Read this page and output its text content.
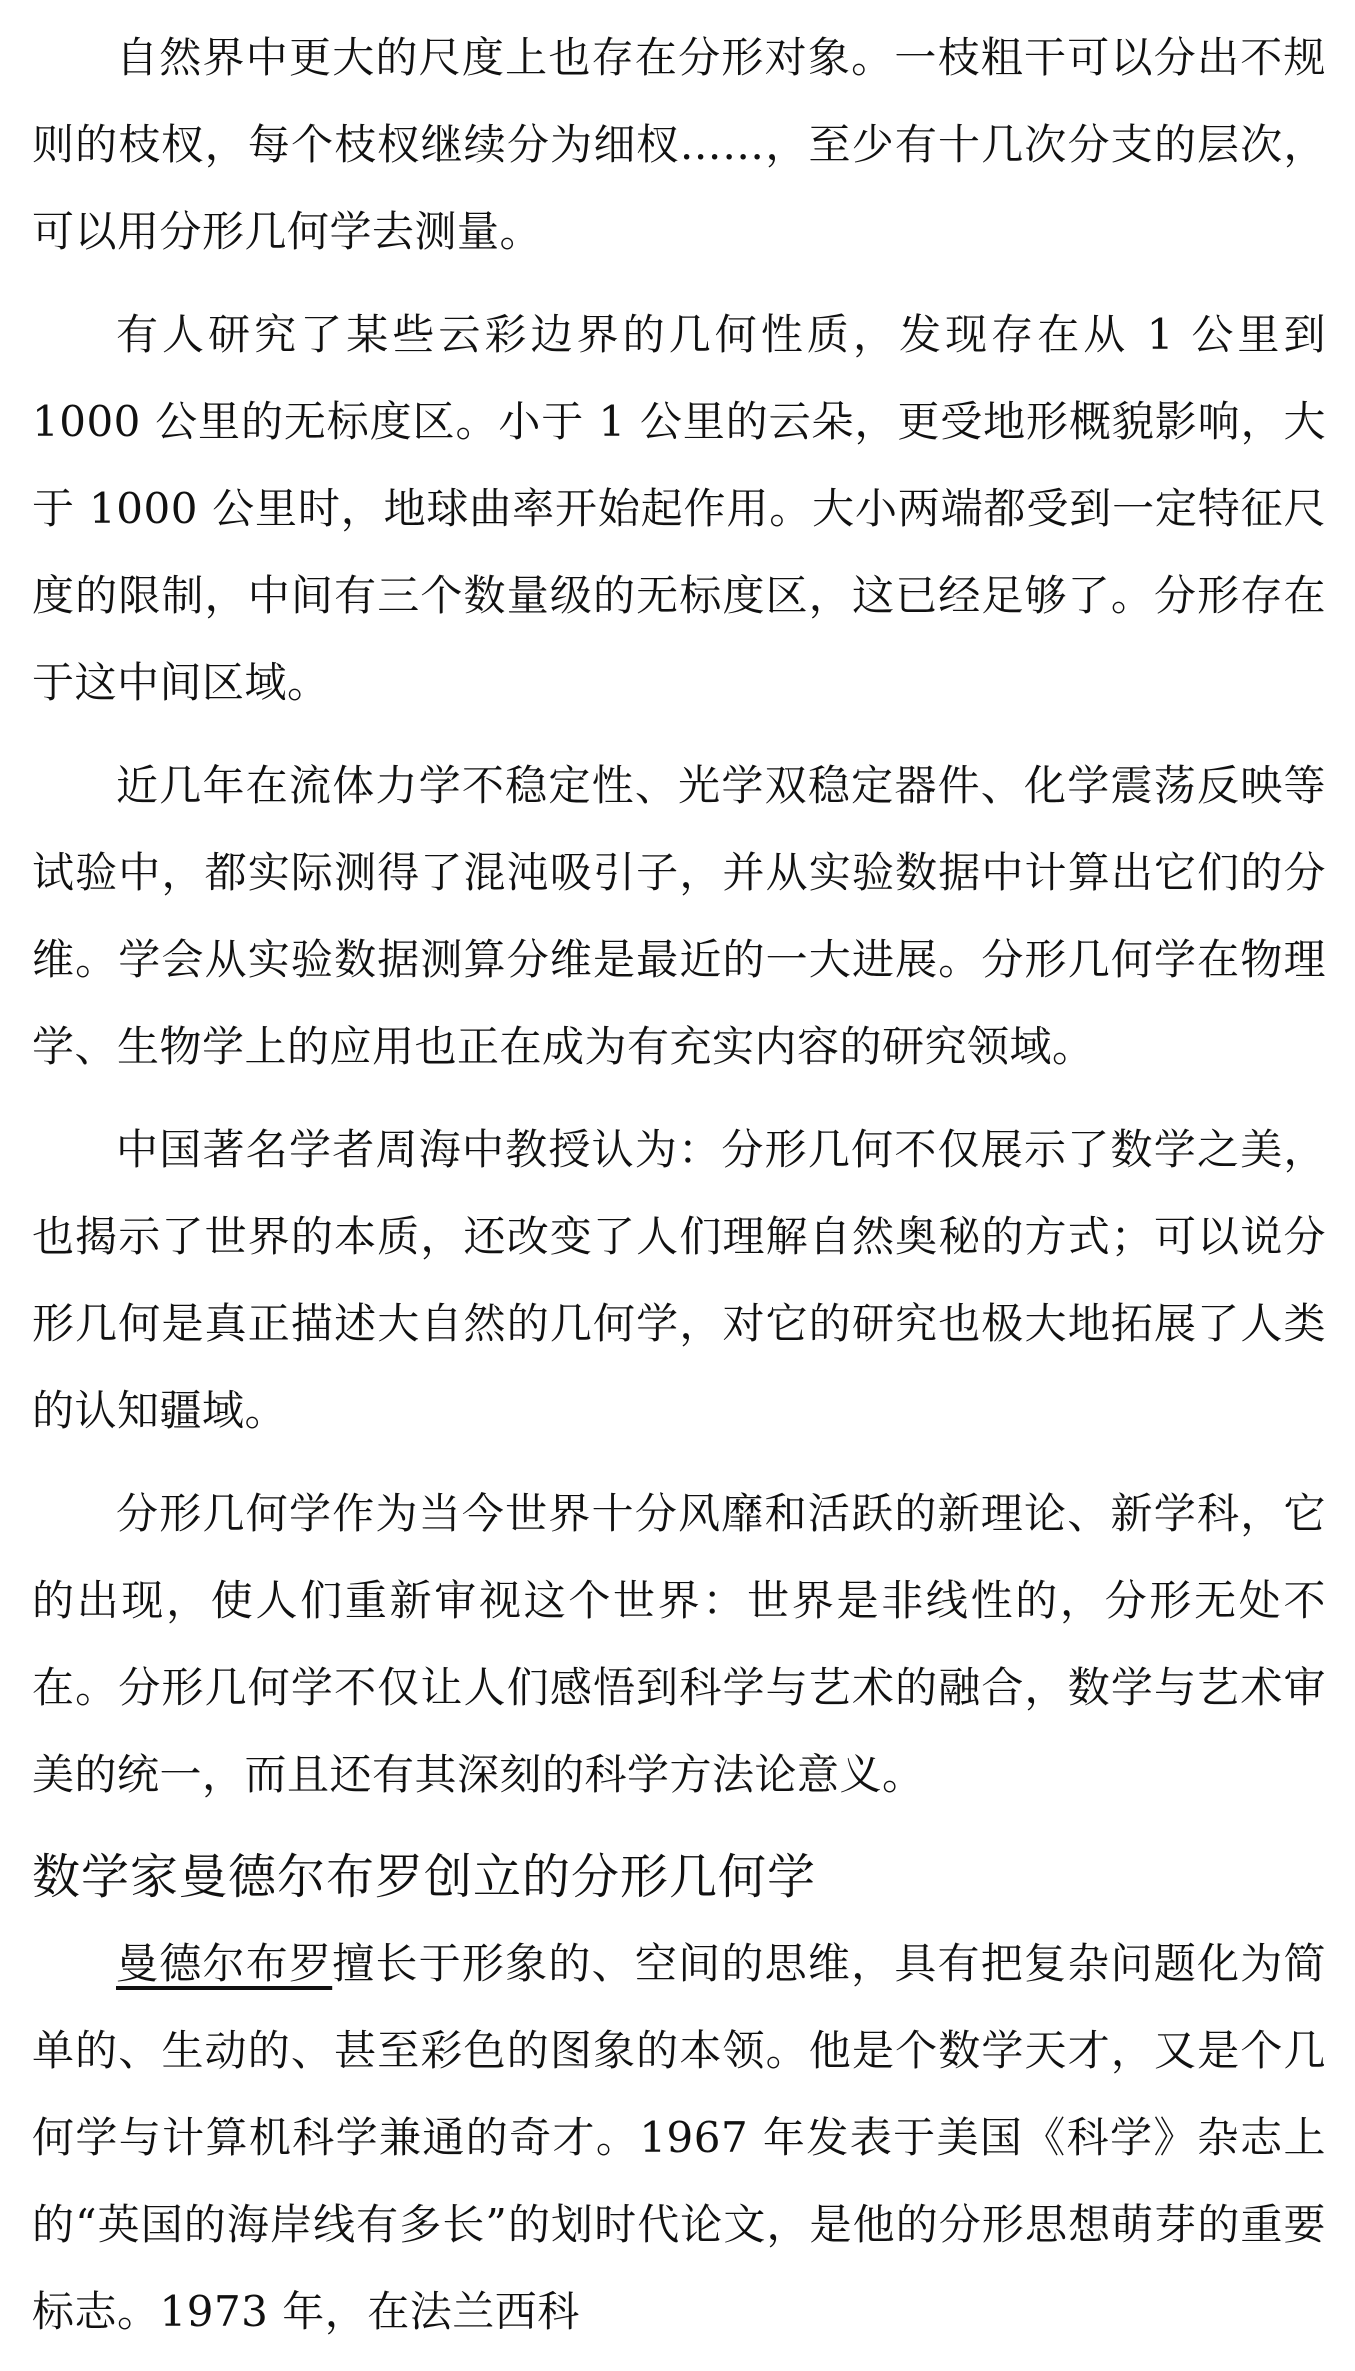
自然界中更大的尺度上也存在分形对象。一枝粗干可以分出不规则的枝杈，每个枝杈继续分为细杈……，至少有十几次分支的层次，可以用分形几何学去测量。

有人研究了某些云彩边界的几何性质，发现存在从 1 公里到 1000 公里的无标度区。小于 1 公里的云朵，更受地形概貌影响，大于 1000 公里时，地球曲率开始起作用。大小两端都受到一定特征尺度的限制，中间有三个数量级的无标度区，这已经足够了。分形存在于这中间区域。

近几年在流体力学不稳定性、光学双稳定器件、化学震荡反映等试验中，都实际测得了混沌吸引子，并从实验数据中计算出它们的分维。学会从实验数据测算分维是最近的一大进展。分形几何学在物理学、生物学上的应用也正在成为有充实内容的研究领域。

中国著名学者周海中教授认为：分形几何不仅展示了数学之美，也揭示了世界的本质，还改变了人们理解自然奥秘的方式；可以说分形几何是真正描述大自然的几何学，对它的研究也极大地拓展了人类的认知疆域。

分形几何学作为当今世界十分风靡和活跃的新理论、新学科，它的出现，使人们重新审视这个世界：世界是非线性的，分形无处不在。分形几何学不仅让人们感悟到科学与艺术的融合，数学与艺术审美的统一，而且还有其深刻的科学方法论意义。

数学家曼德尔布罗创立的分形几何学

曼德尔布罗擅长于形象的、空间的思维，具有把复杂问题化为简单的、生动的、甚至彩色的图象的本领。他是个数学天才，又是个几何学与计算机科学兼通的奇才。1967 年发表于美国《科学》杂志上的“英国的海岸线有多长”的划时代论文，是他的分形思想萌芽的重要标志。1973 年，在法兰西科
